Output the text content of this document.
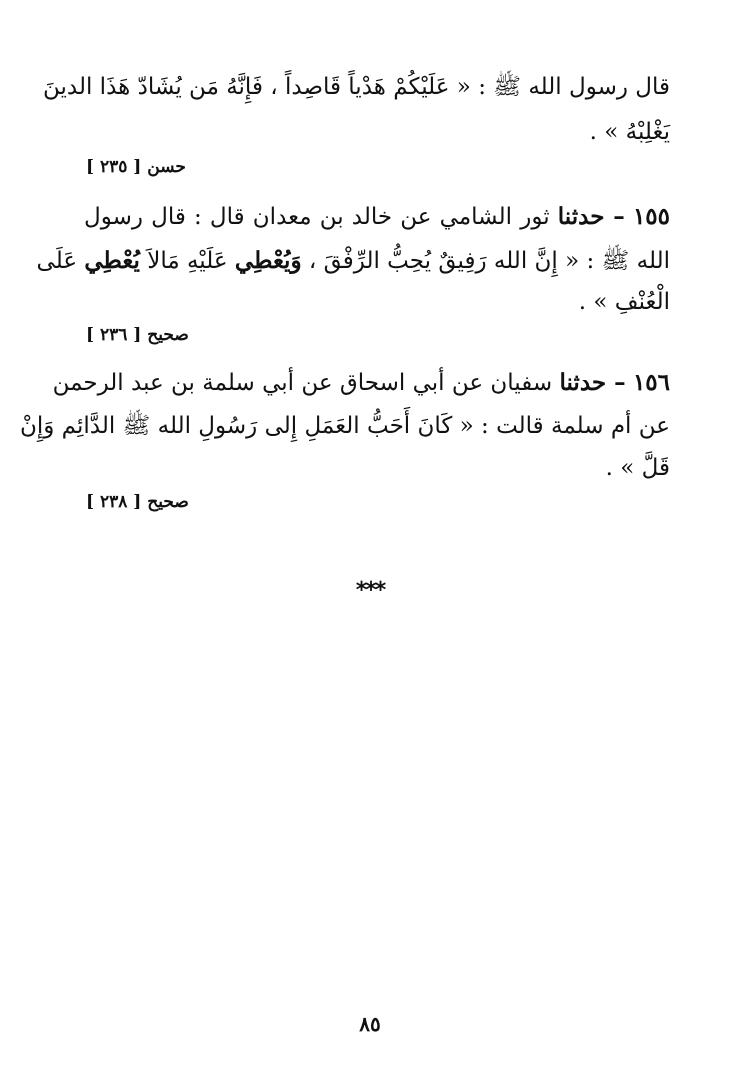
قال رسول الله ﷺ : « عَلَيْكُمْ هَدْياً قَاصِداً ، فَإِنَّهُ مَن يُشَادّ هَذَا الدينَ
يَغْلِبْهُ » .
حسن [ ٢٣٥ ]
١٥٥ – حدثنا ثور الشامي عن خالد بن معدان قال : قال رسول
الله ﷺ : « إِنَّ الله رَفِيقٌ يُحِبُّ الرِّفْقَ ، وَيُعْطِي عَلَيْهِ مَالاَ يُعْطِي عَلَى
الْعُنْفِ » .
صحيح [ ٢٣٦ ]
١٥٦ – حدثنا سفيان عن أبي اسحاق عن أبي سلمة بن عبد الرحمن
عن أم سلمة قالت : « كَانَ أَحَبُّ العَمَلِ إِلى رَسُولِ الله ﷺ الدَّائِم وَإِنْ
قَلَّ » .
صحيح [ ٢٣٨ ]
***
٨٥
